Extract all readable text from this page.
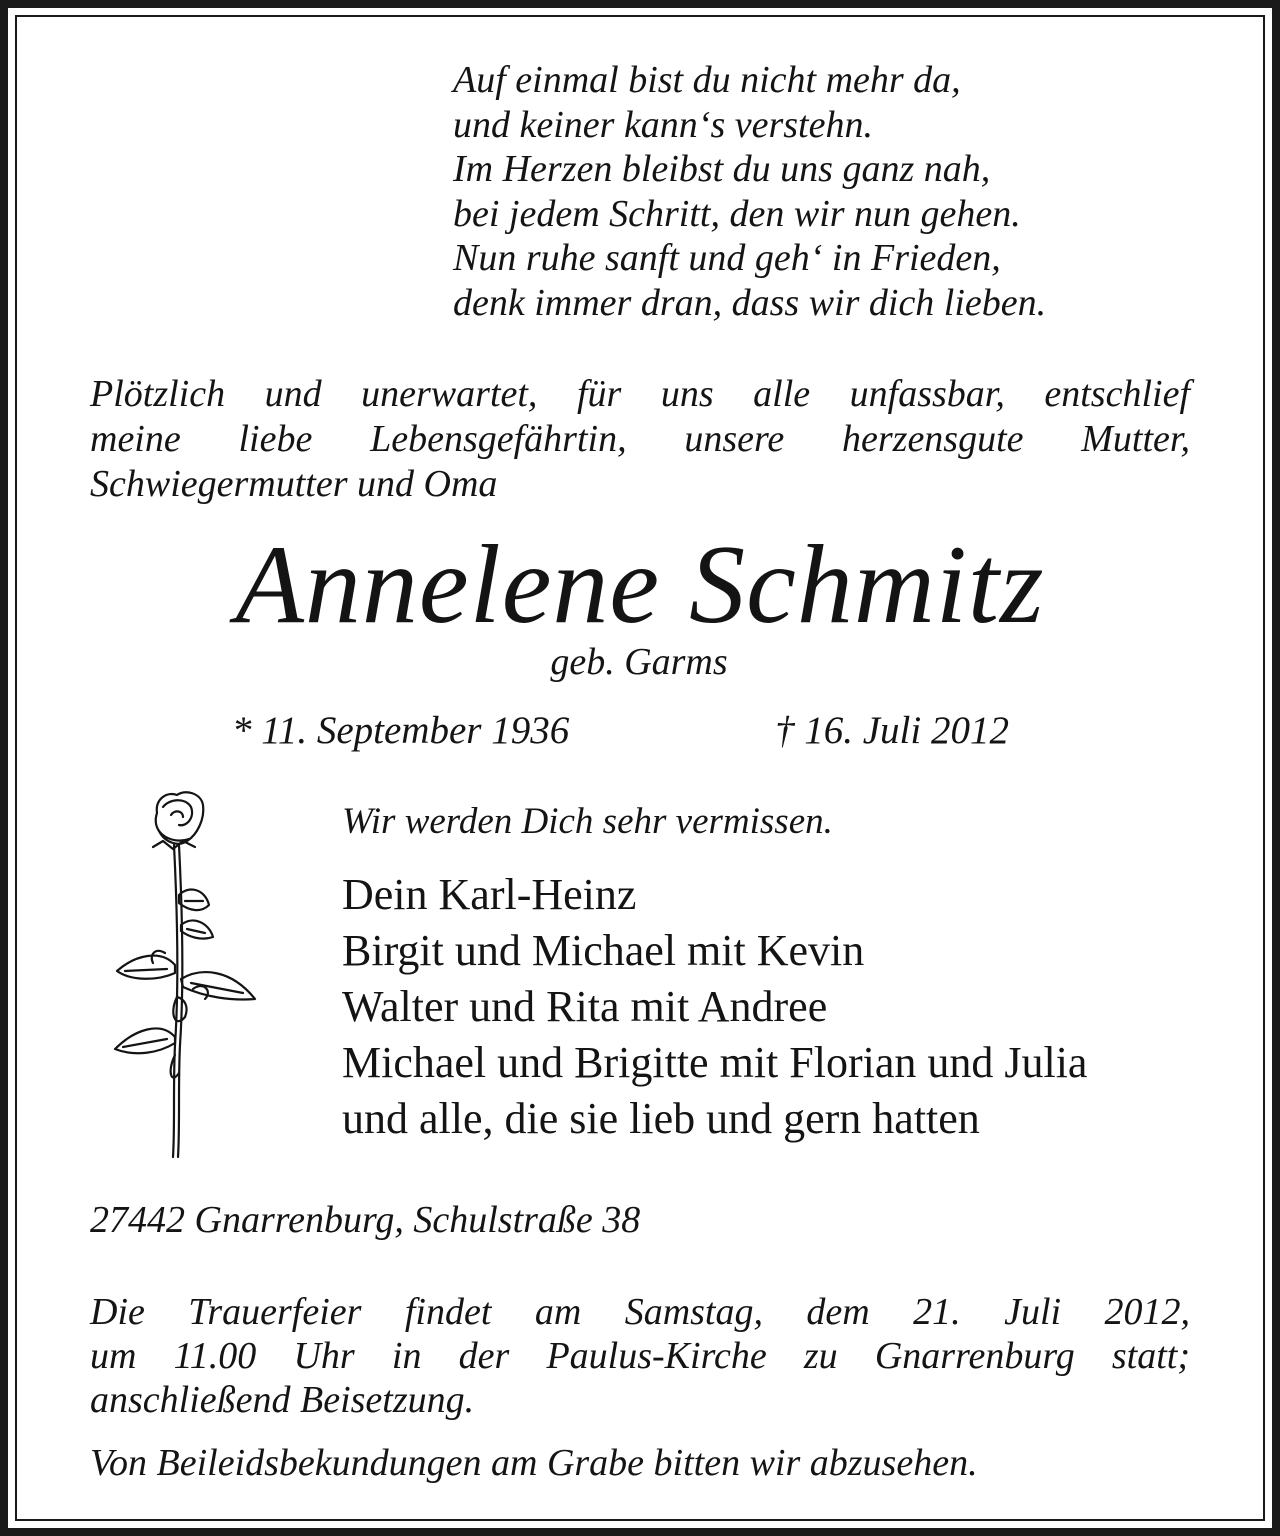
Auf einmal bist du nicht mehr da,
und keiner kann‘s verstehn.
Im Herzen bleibst du uns ganz nah,
bei jedem Schritt, den wir nun gehen.
Nun ruhe sanft und geh‘ in Frieden,
denk immer dran, dass wir dich lieben.
Plötzlich und unerwartet, für uns alle unfassbar, entschlief
meine liebe Lebensgefährtin, unsere herzensgute Mutter,
Schwiegermutter und Oma
Annelene Schmitz
geb. Garms
* 11. September 1936	† 16. Juli 2012
Wir werden Dich sehr vermissen.
Dein Karl-Heinz
Birgit und Michael mit Kevin
Walter und Rita mit Andree
Michael und Brigitte mit Florian und Julia
und alle, die sie lieb und gern hatten
27442 Gnarrenburg, Schulstraße 38
Die Trauerfeier findet am Samstag, dem 21. Juli 2012,
um 11.00 Uhr in der Paulus-Kirche zu Gnarrenburg statt;
anschließend Beisetzung.
Von Beileidsbekundungen am Grabe bitten wir abzusehen.
